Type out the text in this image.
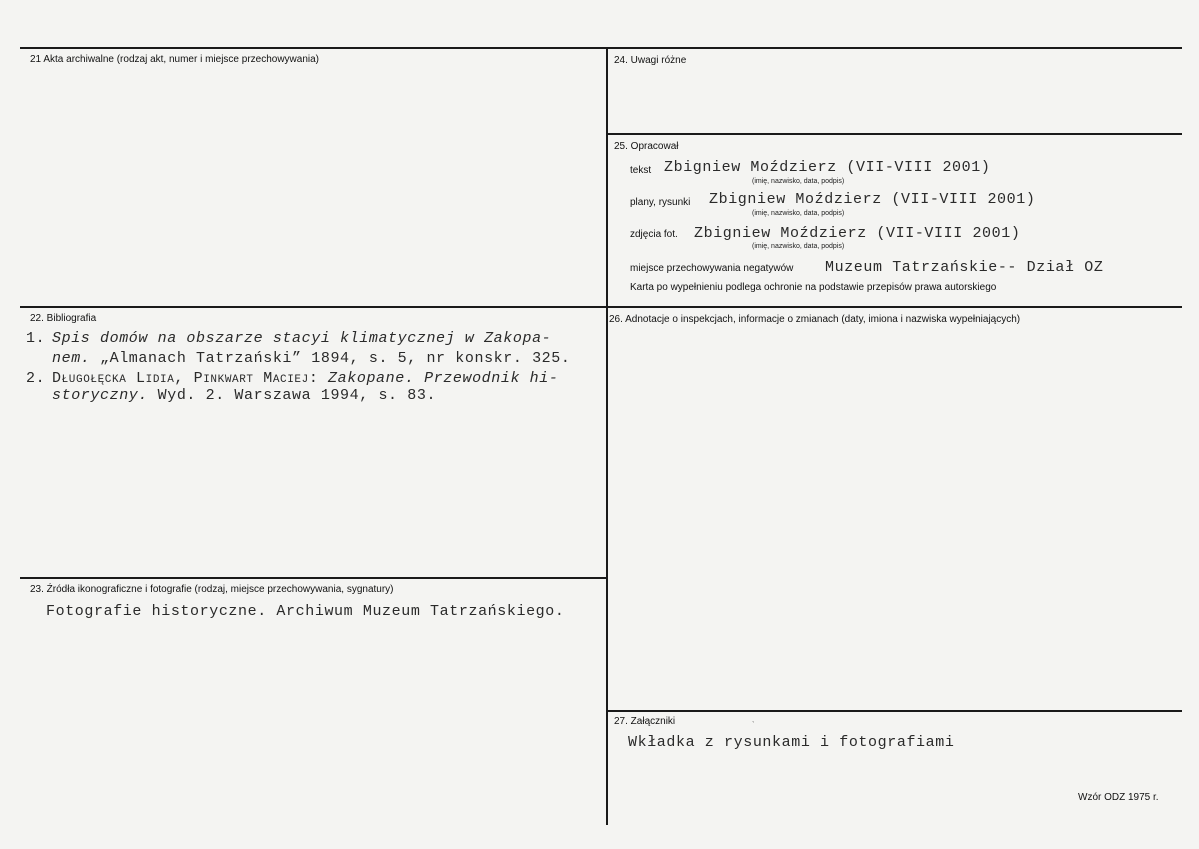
21 Akta archiwalne (rodzaj akt, numer i miejsce przechowywania)
22. Bibliografia
1. Spis domów na obszarze stacyi klimatycznej w Zakopa-
nem. „Almanach Tatrzański” 1894, s. 5, nr konskr. 325.
2. Długołęcka Lidia, Pinkwart Maciej: Zakopane. Przewodnik hi-
storyczny. Wyd. 2. Warszawa 1994, s. 83.
23. Źródła ikonograficzne i fotografie (rodzaj, miejsce przechowywania, sygnatury)
Fotografie historyczne. Archiwum Muzeum Tatrzańskiego.
24. Uwagi różne
25. Opracował
tekst Zbigniew Moździerz (VII-VIII 2001)
(imię, nazwisko, data, podpis)
plany, rysunki Zbigniew Moździerz (VII-VIII 2001)
(imię, nazwisko, data, podpis)
zdjęcia fot. Zbigniew Moździerz (VII-VIII 2001)
(imię, nazwisko, data, podpis)
miejsce przechowywania negatywów Muzeum Tatrzańskie-- Dział OZ
Karta po wypełnieniu podlega ochronie na podstawie przepisów prawa autorskiego
26. Adnotacje o inspekcjach, informacje o zmianach (daty, imiona i nazwiska wypełniających)
27. Załączniki	ˎ
Wkładka z rysunkami i fotografiami
Wzór ODZ 1975 r.
